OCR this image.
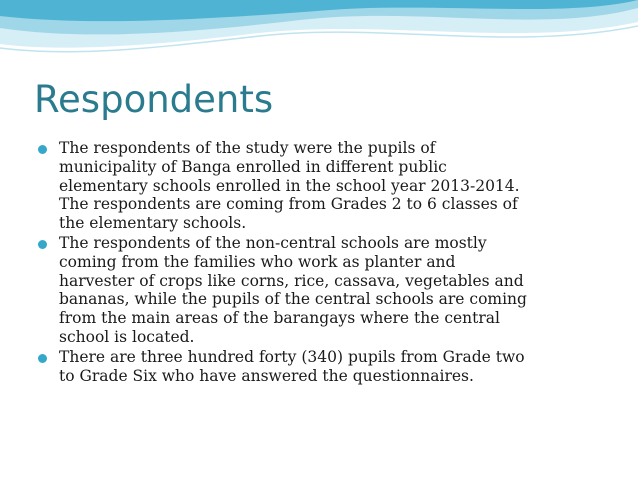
Respondents
The respondents of the study were the pupils of
municipality of Banga enrolled in different public
elementary schools enrolled in the school year 2013-2014.
The respondents are coming from Grades 2 to 6 classes of
the elementary schools.
The respondents of the non-central schools are mostly
coming from the families who work as planter and
harvester of crops like corns, rice, cassava, vegetables and
bananas, while the pupils of the central schools are coming
from the main areas of the barangays where the central
school is located.
There are three hundred forty (340) pupils from Grade two
to Grade Six who have answered the questionnaires.
